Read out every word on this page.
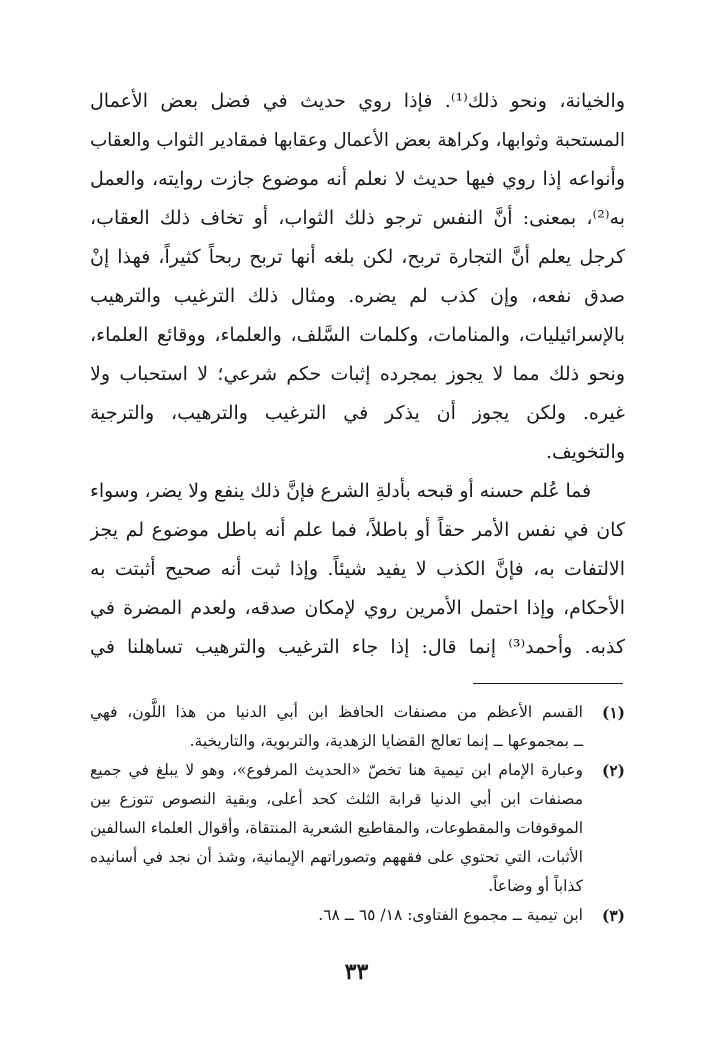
والخيانة، ونحو ذلك⁽¹⁾. فإذا روي حديث في فضل بعض الأعمال
المستحبة وثوابها، وكراهة بعض الأعمال وعقابها فمقادير الثواب والعقاب
وأنواعه إذا روي فيها حديث لا نعلم أنه موضوع جازت روايته، والعمل
به⁽²⁾، بمعنى: أنَّ النفس ترجو ذلك الثواب، أو تخاف ذلك العقاب،
كرجل يعلم أنَّ التجارة تربح، لكن بلغه أنها تربح ربحاً كثيراً، فهذا إنْ
صدق نفعه، وإن كذب لم يضره. ومثال ذلك الترغيب والترهيب
بالإسرائيليات، والمنامات، وكلمات السَّلف، والعلماء، ووقائع العلماء،
ونحو ذلك مما لا يجوز بمجرده إثبات حكم شرعي؛ لا استحباب ولا
غيره. ولكن يجوز أن يذكر في الترغيب والترهيب، والترجية
والتخويف.
فما عُلم حسنه أو قبحه بأدلةِ الشرع فإنَّ ذلك ينفع ولا يضر، وسواء
كان في نفس الأمر حقاً أو باطلاً، فما علم أنه باطل موضوع لم يجز
الالتفات به، فإنَّ الكذب لا يفيد شيئاً. وإذا ثبت أنه صحيح أثبتت به
الأحكام، وإذا احتمل الأمرين روي لإمكان صدقه، ولعدم المضرة في
كذبه. وأحمد⁽³⁾ إنما قال: إذا جاء الترغيب والترهيب تساهلنا في
(١)
القسم الأعظم من مصنفات الحافظ ابن أبي الدنيا من هذا اللَّون، فهي
ــ بمجموعها ــ إنما تعالج القضايا الزهدية، والتربوية، والتاريخية.
(٢)
وعبارة الإمام ابن تيمية هنا تخصّ «الحديث المرفوع»، وهو لا يبلغ في جميع
مصنفات ابن أبي الدنيا قرابة الثلث كحد أعلى، وبقية النصوص تتوزع بين
الموقوفات والمقطوعات، والمقاطيع الشعرية المنتقاة، وأقوال العلماء السالفين
الأثبات، التي تحتوي على فقههم وتصوراتهم الإيمانية، وشذ أن نجد في أسانيده
كذاباً أو وضاعاً.
(٣)
ابن تيمية ــ مجموع الفتاوى: ١٨/ ٦٥ ــ ٦٨.
٣٣
